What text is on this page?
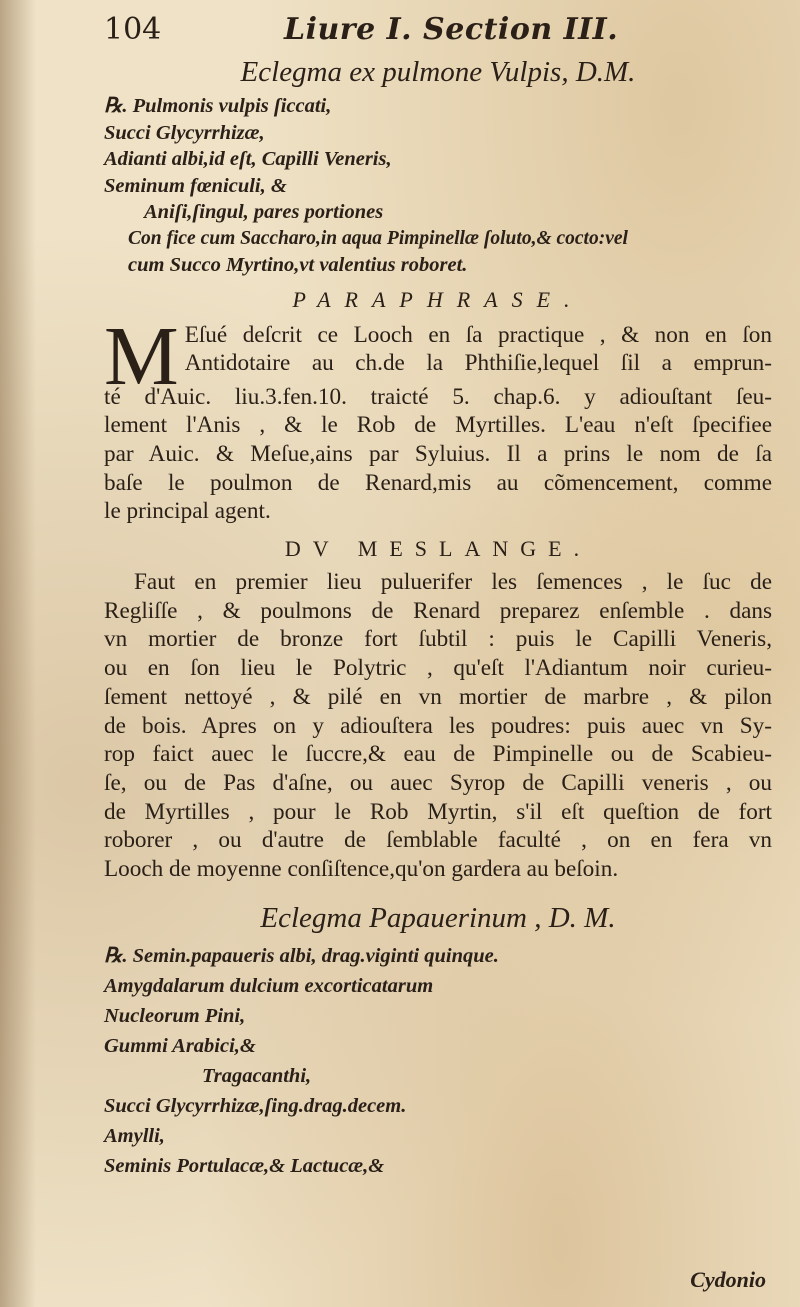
104	Liure I. Section III.
Eclegma ex pulmone Vulpis, D.M.
℞. Pulmonis vulpis ſiccati,
Succi Glycyrrhizæ,
Adianti albi,id eſt, Capilli Veneris,
Seminum fœniculi, &
Aniſi,ſingul, pares portiones
Con fice cum Saccharo,in aqua Pimpinellæ ſoluto,& cocto:vel
cum Succo Myrtino,vt valentius roboret.
PARAPHRASE.
M Eſué deſcrit ce Looch en ſa practique , & non en ſon
Antidotaire au ch.de la Phthiſie,lequel ſil a emprun-
té d'Auic. liu.3.fen.10. traicté 5. chap.6. y adiouſtant ſeu-
lement l'Anis , & le Rob de Myrtilles. L'eau n'eſt ſpecifiee
par Auic. & Meſue,ains par Syluius. Il a prins le nom de ſa
baſe le poulmon de Renard,mis au cõmencement, comme
le principal agent.
DV MESLANGE.
Faut en premier lieu puluerifer les ſemences , le ſuc de
Regliſſe , & poulmons de Renard preparez enſemble . dans
vn mortier de bronze fort ſubtil : puis le Capilli Veneris,
ou en ſon lieu le Polytric , qu'eſt l'Adiantum noir curieu-
ſement nettoyé , & pilé en vn mortier de marbre , & pilon
de bois. Apres on y adiouſtera les poudres: puis auec vn Sy-
rop faict auec le ſuccre,& eau de Pimpinelle ou de Scabieu-
ſe, ou de Pas d'aſne, ou auec Syrop de Capilli veneris , ou
de Myrtilles , pour le Rob Myrtin, s'il eſt queſtion de fort
roborer , ou d'autre de ſemblable faculté , on en fera vn
Looch de moyenne conſiſtence,qu'on gardera au beſoin.
Eclegma Papauerinum , D. M.
℞. Semin.papaueris albi, drag.viginti quinque.
Amygdalarum dulcium excorticatarum
Nucleorum Pini,
Gummi Arabici,&
Tragacanthi,
Succi Glycyrrhizæ,ſing.drag.decem.
Amylli,
Seminis Portulacæ,& Lactucæ,&
Cydonio
